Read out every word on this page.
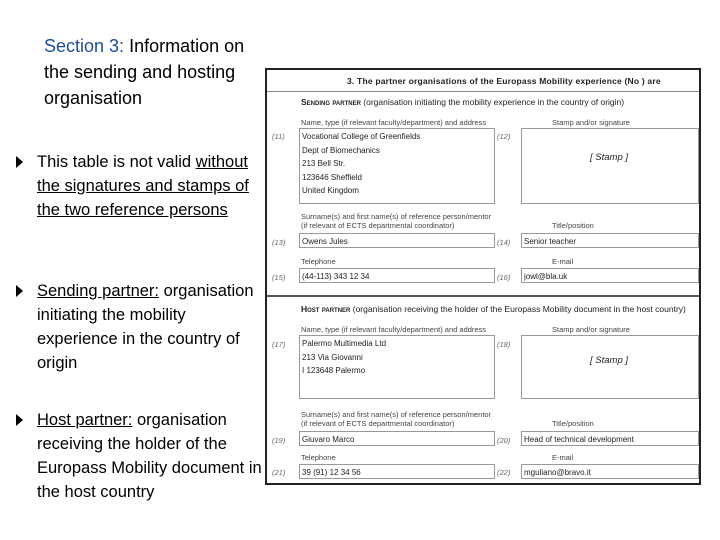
Section 3: Information on the sending and hosting organisation
This table is not valid without the signatures and stamps of the two reference persons
Sending partner: organisation initiating the mobility experience in the country of origin
Host partner: organisation receiving the holder of the Europass Mobility document in the host country
3. The partner organisations of the Europass Mobility experience (No ) are
Sending partner (organisation initiating the mobility experience in the country of origin)
Name, type (if relevant faculty/department) and address	Stamp and/or signature
(11)	(12)
Vocational College of Greenfields
Dept of Biomechanics
213 Bell Str.
123646 Sheffield
United Kingdom
[ Stamp ]
Surname(s) and first name(s) of reference person/mentor
(if relevant of ECTS departmental coordinator)	Title/position
(13)	(14)
Owens Jules	Senior teacher
Telephone	E-mail
(15)	(16)
(44-113) 343 12 34	jowl@bla.uk
Host partner (organisation receiving the holder of the Europass Mobility document in the host country)
Name, type (if relevant faculty/department) and address	Stamp and/or signature
(17)	(18)
Palermo Multimedia Ltd
213 Via Giovanni
I 123648 Palermo
[ Stamp ]
Surname(s) and first name(s) of reference person/mentor
(if relevant of ECTS departmental coordinator)	Title/position
(19)	(20)
Giuvaro Marco	Head of technical development
Telephone	E-mail
(21)	(22)
39 (91) 12 34 56	mguliano@bravo.it
